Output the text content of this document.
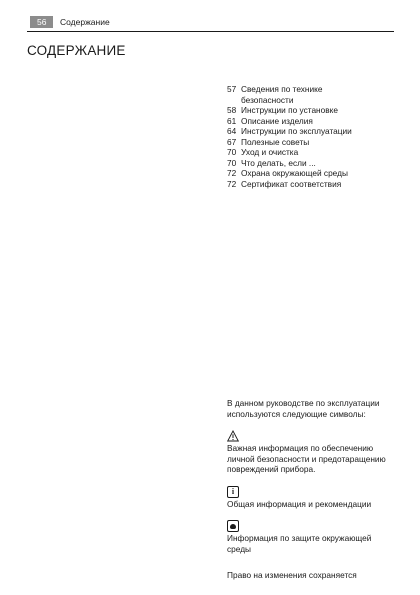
56	Содержание
СОДЕРЖАНИЕ
57 Сведения по технике
безопасности
58 Инструкции по установке
61 Описание изделия
64 Инструкции по эксплуатации
67 Полезные советы
70 Уход и очистка
70 Что делать, если ...
72 Охрана окружающей среды
72 Сертификат соответствия

В данном руководстве по эксплуатации
используются следующие символы:

Важная информация по обеспечению
личной безопасности и предотаращению
повреждений прибора.

i

Общая информация и рекомендации

Информация по защите окружающей
среды

Право на изменения сохраняется
